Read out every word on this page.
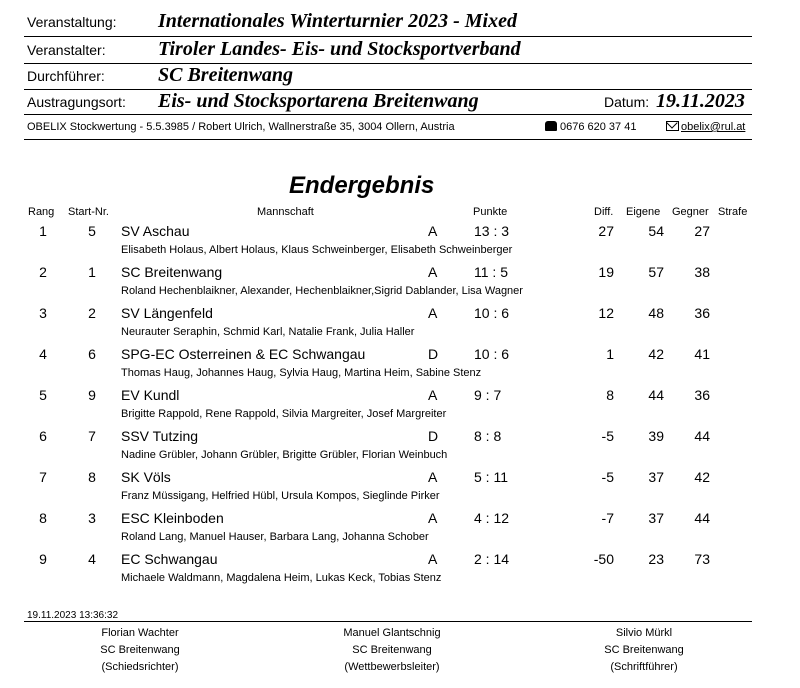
Veranstaltung: Internationales Winterturnier 2023 - Mixed
Veranstalter:	Tiroler Landes- Eis- und Stocksportverband
Durchführer:	SC Breitenwang
Austragungsort: Eis- und Stocksportarena Breitenwang	Datum: 19.11.2023
OBELIX Stockwertung - 5.5.3985 / Robert Ulrich, Wallnerstraße 35, 3004 Ollern, Austria	0676 620 37 41	obelix@rul.at
Endergebnis
Rang Start-Nr.	Mannschaft	Punkte	Diff. Eigene Gegner Strafe
1	5	SV Aschau	A	13 : 3	27	54	27
Elisabeth Holaus, Albert Holaus, Klaus Schweinberger, Elisabeth Schweinberger
2	1	SC Breitenwang	A	11 : 5	19	57	38
Roland Hechenblaikner, Alexander, Hechenblaikner,Sigrid Dablander, Lisa Wagner
3	2	SV Längenfeld	A	10 : 6	12	48	36
Neurauter Seraphin, Schmid Karl, Natalie Frank, Julia Haller
4	6	SPG-EC Osterreinen & EC Schwangau	D	10 : 6	1	42	41
Thomas Haug, Johannes Haug, Sylvia Haug, Martina Heim, Sabine Stenz
5	9	EV Kundl	A	9 : 7	8	44	36
Brigitte Rappold, Rene Rappold, Silvia Margreiter, Josef Margreiter
6	7	SSV Tutzing	D	8 : 8	-5	39	44
Nadine Grübler, Johann Grübler, Brigitte Grübler, Florian Weinbuch
7	8	SK Völs	A	5 : 11	-5	37	42
Franz Müssigang, Helfried Hübl, Ursula Kompos, Sieglinde Pirker
8	3	ESC Kleinboden	A	4 : 12	-7	37	44
Roland Lang, Manuel Hauser, Barbara Lang, Johanna Schober
9	4	EC Schwangau	A	2 : 14	-50	23	73
Michaele Waldmann, Magdalena Heim, Lukas Keck, Tobias Stenz
19.11.2023 13:36:32
Florian Wachter
SC Breitenwang
(Schiedsrichter)
Manuel Glantschnig
SC Breitenwang
(Wettbewerbsleiter)
Silvio Mürkl
SC Breitenwang
(Schriftführer)
